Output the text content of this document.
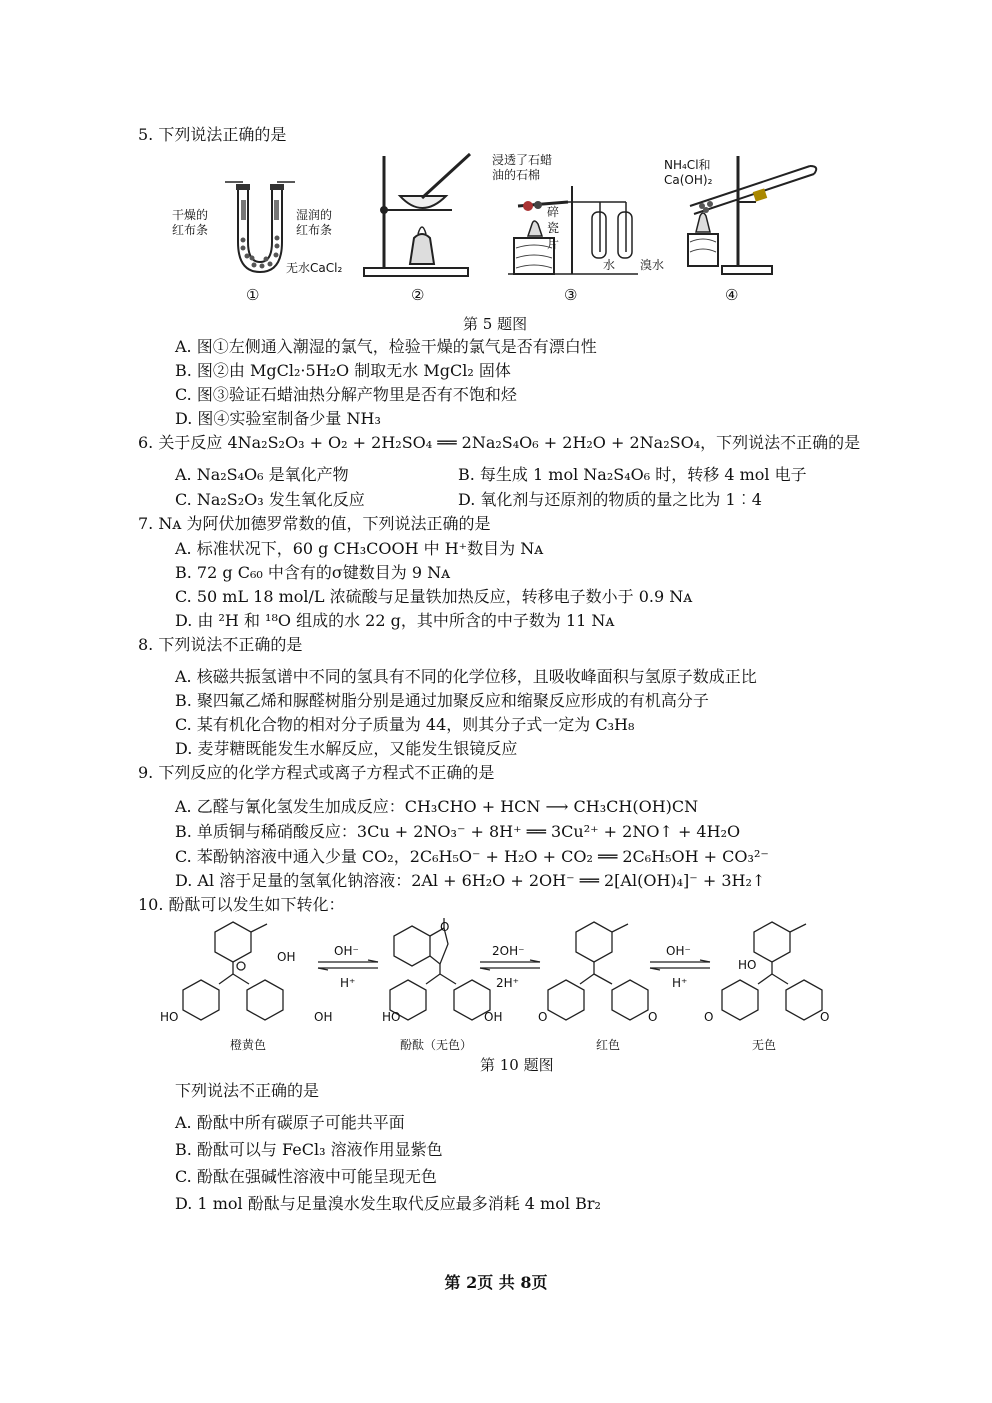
5. 下列说法正确的是
干燥的
红布条
湿润的
红布条
无水CaCl₂
浸透了石蜡
油的石棉
碎
瓷
片
水 溴水
NH₄Cl和
Ca(OH)₂
①	②	③	④
第 5 题图
A. 图①左侧通入潮湿的氯气，检验干燥的氯气是否有漂白性
B. 图②由 MgCl₂·5H₂O 制取无水 MgCl₂ 固体
C. 图③验证石蜡油热分解产物里是否有不饱和烃
D. 图④实验室制备少量 NH₃
6. 关于反应 4Na₂S₂O₃ + O₂ + 2H₂SO₄ ══ 2Na₂S₄O₆ + 2H₂O + 2Na₂SO₄，下列说法不正确的是
A. Na₂S₄O₆ 是氧化产物	B. 每生成 1 mol Na₂S₄O₆ 时，转移 4 mol 电子
C. Na₂S₂O₃ 发生氧化反应	D. 氧化剂与还原剂的物质的量之比为 1︰4
7. Nᴀ 为阿伏加德罗常数的值，下列说法正确的是
A. 标准状况下，60 g CH₃COOH 中 H⁺数目为 Nᴀ
B. 72 g C₆₀ 中含有的σ键数目为 9 Nᴀ
C. 50 mL 18 mol/L 浓硫酸与足量铁加热反应，转移电子数小于 0.9 Nᴀ
D. 由 ²H 和 ¹⁸O 组成的水 22 g，其中所含的中子数为 11 Nᴀ
8. 下列说法不正确的是
A. 核磁共振氢谱中不同的氢具有不同的化学位移，且吸收峰面积与氢原子数成正比
B. 聚四氟乙烯和脲醛树脂分别是通过加聚反应和缩聚反应形成的有机高分子
C. 某有机化合物的相对分子质量为 44，则其分子式一定为 C₃H₈
D. 麦芽糖既能发生水解反应，又能发生银镜反应
9. 下列反应的化学方程式或离子方程式不正确的是
A. 乙醛与氰化氢发生加成反应：CH₃CHO + HCN ⟶ CH₃CH(OH)CN
B. 单质铜与稀硝酸反应：3Cu + 2NO₃⁻ + 8H⁺ ══ 3Cu²⁺ + 2NO↑ + 4H₂O
C. 苯酚钠溶液中通入少量 CO₂，2C₆H₅O⁻ + H₂O + CO₂ ══ 2C₆H₅OH + CO₃²⁻
D. Al 溶于足量的氢氧化钠溶液：2Al + 6H₂O + 2OH⁻ ══ 2[Al(OH)₄]⁻ + 3H₂↑
10. 酚酞可以发生如下转化：
OH
HO	OH
OH⁻
H⁺
O
HO	OH
2OH⁻
2H⁺
O	O
OH⁻
H⁺
HO
O	O
橙黄色	酚酞（无色）	红色	无色
第 10 题图
下列说法不正确的是
A. 酚酞中所有碳原子可能共平面
B. 酚酞可以与 FeCl₃ 溶液作用显紫色
C. 酚酞在强碱性溶液中可能呈现无色
D. 1 mol 酚酞与足量溴水发生取代反应最多消耗 4 mol Br₂
第 2页 共 8页
